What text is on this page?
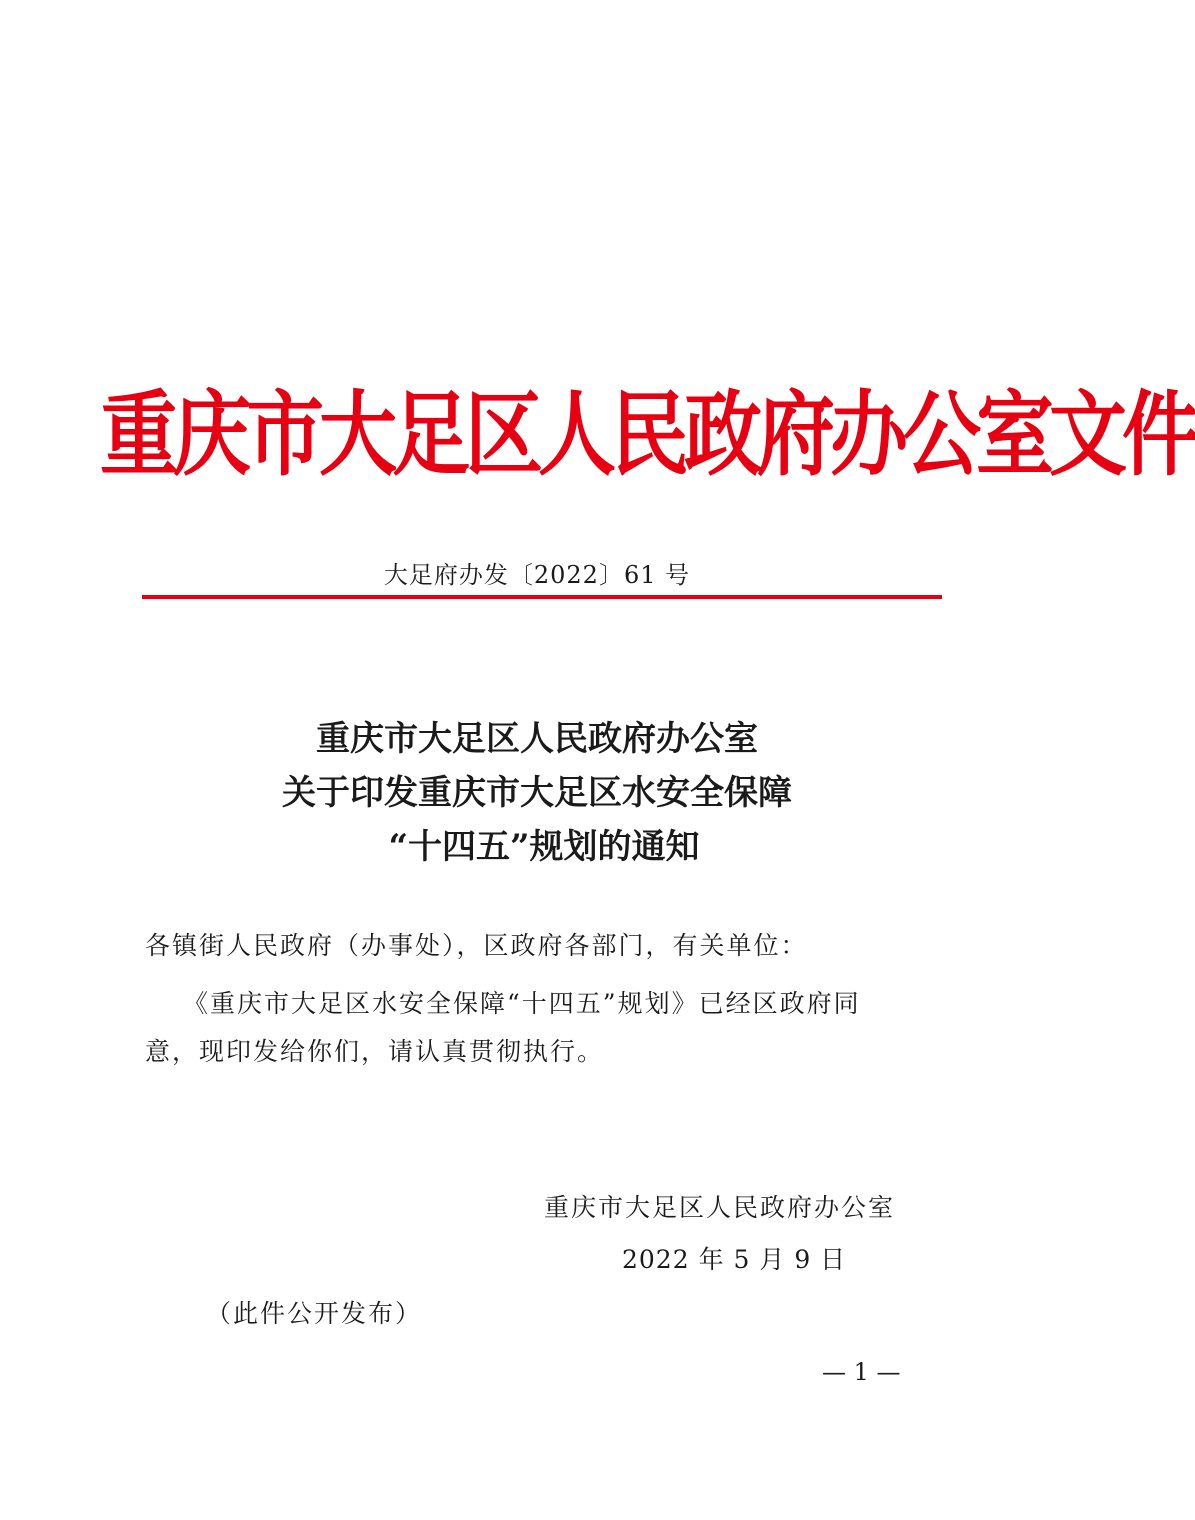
重庆市大足区人民政府办公室文件
大足府办发〔2022〕61 号
重庆市大足区人民政府办公室
关于印发重庆市大足区水安全保障
“十四五”规划的通知
各镇街人民政府（办事处），区政府各部门，有关单位：
《重庆市大足区水安全保障“十四五”规划》已经区政府同
意，现印发给你们，请认真贯彻执行。
重庆市大足区人民政府办公室
2022 年 5 月 9 日
（此件公开发布）
— 1 —
